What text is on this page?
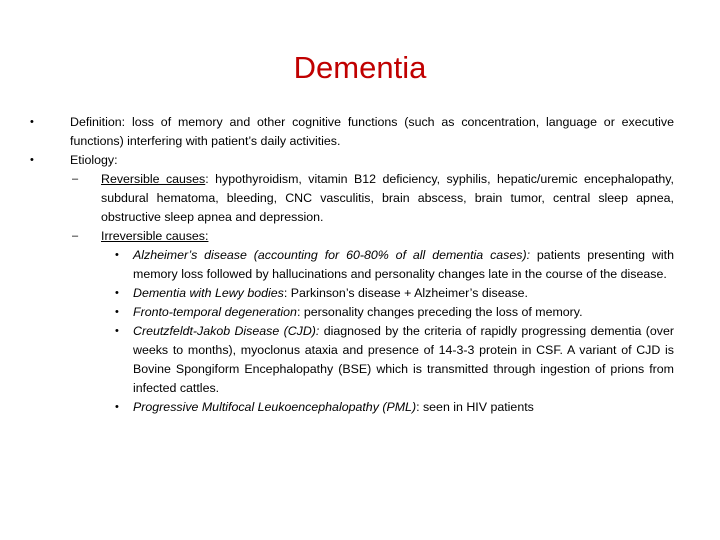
Dementia
•	Definition: loss of memory and other cognitive functions (such as concentration, language or executive functions) interfering with patient’s daily activities.
•	Etiology:
– Reversible causes: hypothyroidism, vitamin B12 deficiency, syphilis, hepatic/uremic encephalopathy, subdural hematoma, bleeding, CNC vasculitis, brain abscess, brain tumor, central sleep apnea, obstructive sleep apnea and depression.
– Irreversible causes:
• Alzheimer’s disease (accounting for 60-80% of all dementia cases): patients presenting with memory loss followed by hallucinations and personality changes late in the course of the disease.
• Dementia with Lewy bodies: Parkinson’s disease + Alzheimer’s disease.
• Fronto-temporal degeneration: personality changes preceding the loss of memory.
• Creutzfeldt-Jakob Disease (CJD): diagnosed by the criteria of rapidly progressing dementia (over weeks to months), myoclonus ataxia and presence of 14-3-3 protein in CSF. A variant of CJD is Bovine Spongiform Encephalopathy (BSE) which is transmitted through ingestion of prions from infected cattles.
• Progressive Multifocal Leukoencephalopathy (PML): seen in HIV patients
